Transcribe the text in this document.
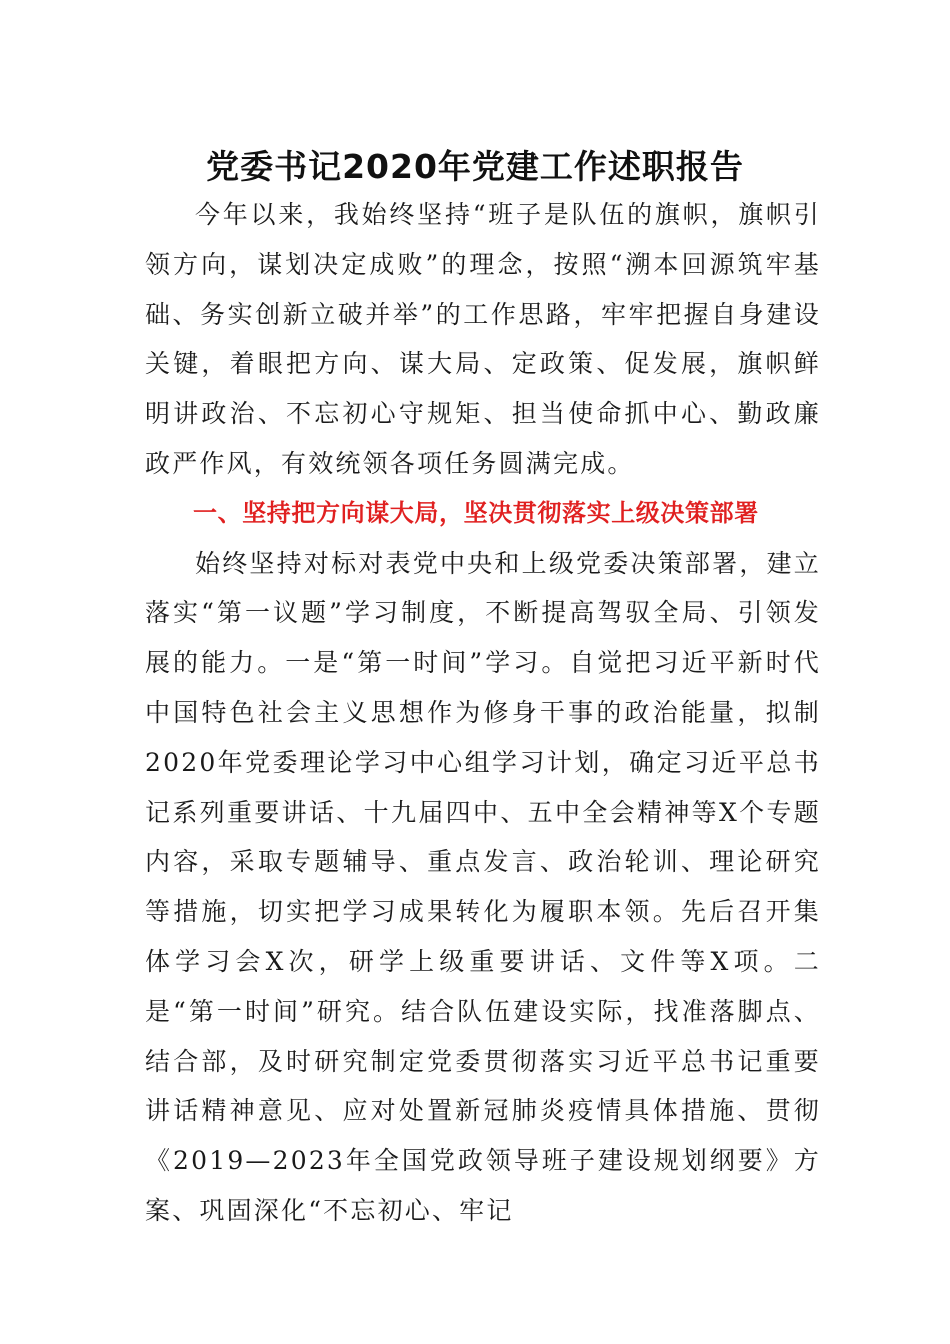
党委书记2020年党建工作述职报告

今年以来，我始终坚持“班子是队伍的旗帜，旗帜引领方向，谋划决定成败”的理念，按照“溯本回源筑牢基础、务实创新立破并举”的工作思路，牢牢把握自身建设关键，着眼把方向、谋大局、定政策、促发展，旗帜鲜明讲政治、不忘初心守规矩、担当使命抓中心、勤政廉政严作风，有效统领各项任务圆满完成。

一、坚持把方向谋大局，坚决贯彻落实上级决策部署

始终坚持对标对表党中央和上级党委决策部署，建立落实“第一议题”学习制度，不断提高驾驭全局、引领发展的能力。一是“第一时间”学习。自觉把习近平新时代中国特色社会主义思想作为修身干事的政治能量，拟制2020年党委理论学习中心组学习计划，确定习近平总书记系列重要讲话、十九届四中、五中全会精神等X个专题内容，采取专题辅导、重点发言、政治轮训、理论研究等措施，切实把学习成果转化为履职本领。先后召开集体学习会X次，研学上级重要讲话、文件等X项。二是“第一时间”研究。结合队伍建设实际，找准落脚点、结合部，及时研究制定党委贯彻落实习近平总书记重要讲话精神意见、应对处置新冠肺炎疫情具体措施、贯彻《2019—2023年全国党政领导班子建设规划纲要》方案、巩固深化“不忘初心、牢记
